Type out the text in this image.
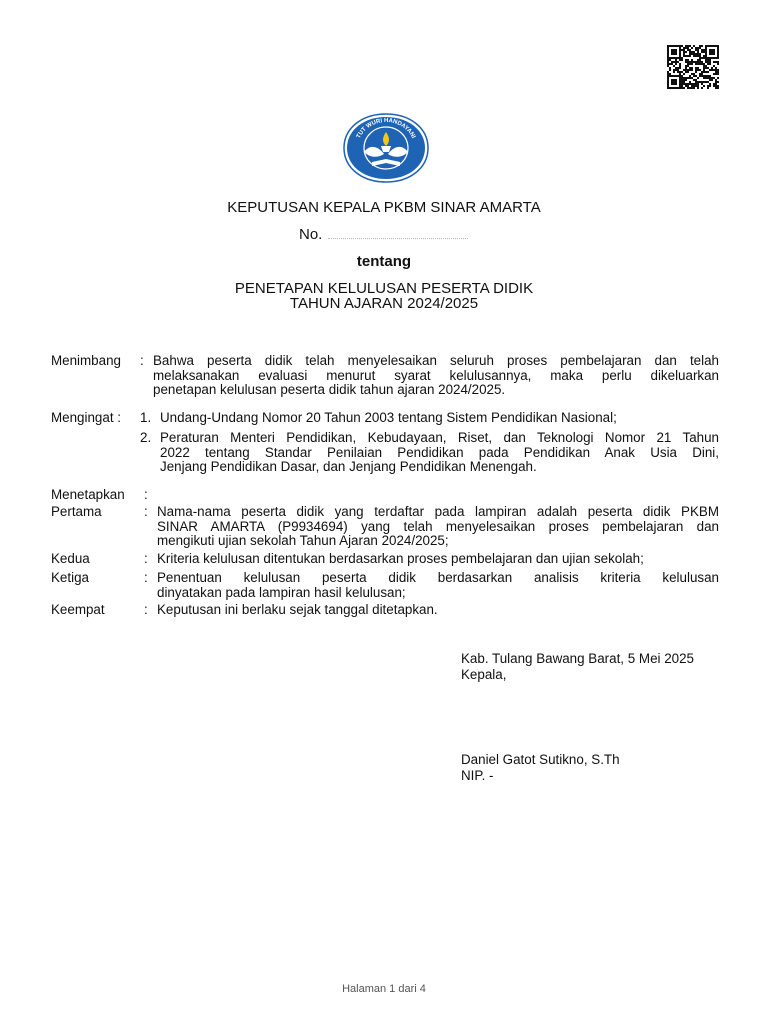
TUT WURI HANDAYANI
KEPUTUSAN KEPALA PKBM SINAR AMARTA
No.
tentang
PENETAPAN KELULUSAN PESERTA DIDIK
TAHUN AJARAN 2024/2025
Menimbang : Bahwa peserta didik telah menyelesaikan seluruh proses pembelajaran dan telah
melaksanakan evaluasi menurut syarat kelulusannya, maka perlu dikeluarkan
penetapan kelulusan peserta didik tahun ajaran 2024/2025.
Mengingat : 1. Undang-Undang Nomor 20 Tahun 2003 tentang Sistem Pendidikan Nasional;
2. Peraturan Menteri Pendidikan, Kebudayaan, Riset, dan Teknologi Nomor 21 Tahun
2022 tentang Standar Penilaian Pendidikan pada Pendidikan Anak Usia Dini,
Jenjang Pendidikan Dasar, dan Jenjang Pendidikan Menengah.
Menetapkan :
Pertama	: Nama-nama peserta didik yang terdaftar pada lampiran adalah peserta didik PKBM
SINAR AMARTA (P9934694) yang telah menyelesaikan proses pembelajaran dan
mengikuti ujian sekolah Tahun Ajaran 2024/2025;
Kedua	: Kriteria kelulusan ditentukan berdasarkan proses pembelajaran dan ujian sekolah;
Ketiga	: Penentuan kelulusan peserta didik berdasarkan analisis kriteria kelulusan
dinyatakan pada lampiran hasil kelulusan;
Keempat	: Keputusan ini berlaku sejak tanggal ditetapkan.
Kab. Tulang Bawang Barat, 5 Mei 2025
Kepala,
Daniel Gatot Sutikno, S.Th
NIP. -
Halaman 1 dari 4
